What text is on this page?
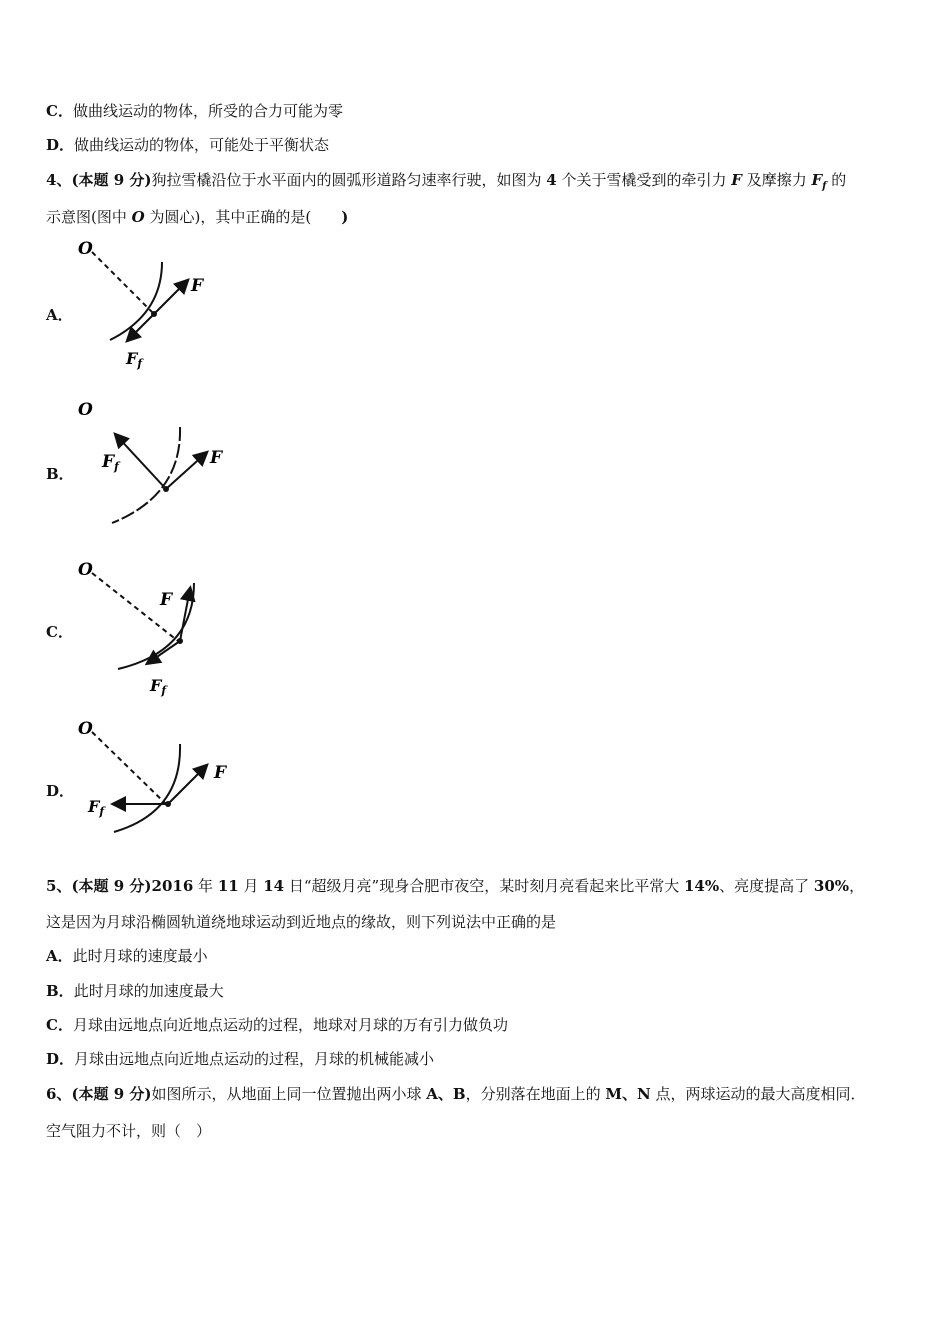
C．做曲线运动的物体，所受的合力可能为零
D．做曲线运动的物体，可能处于平衡状态
4、(本题 9 分)狗拉雪橇沿位于水平面内的圆弧形道路匀速率行驶，如图为 4 个关于雪橇受到的牵引力 F 及摩擦力 $F_f$ 的
示意图(图中 O 为圆心)，其中正确的是(　　)
A．
O
F
Ff
B．
O
Ff	F
C．
O
F
Ff
D．
O
F
Ff
5、(本题 9 分)2016 年 11 月 14 日“超级月亮”现身合肥市夜空，某时刻月亮看起来比平常大 14%、亮度提高了 30%，
这是因为月球沿椭圆轨道绕地球运动到近地点的缘故，则下列说法中正确的是
A．此时月球的速度最小
B．此时月球的加速度最大
C．月球由远地点向近地点运动的过程，地球对月球的万有引力做负功
D．月球由远地点向近地点运动的过程，月球的机械能减小
6、(本题 9 分)如图所示，从地面上同一位置抛出两小球 A、B，分别落在地面上的 M、N 点，两球运动的最大高度相同．
空气阻力不计，则（　）
